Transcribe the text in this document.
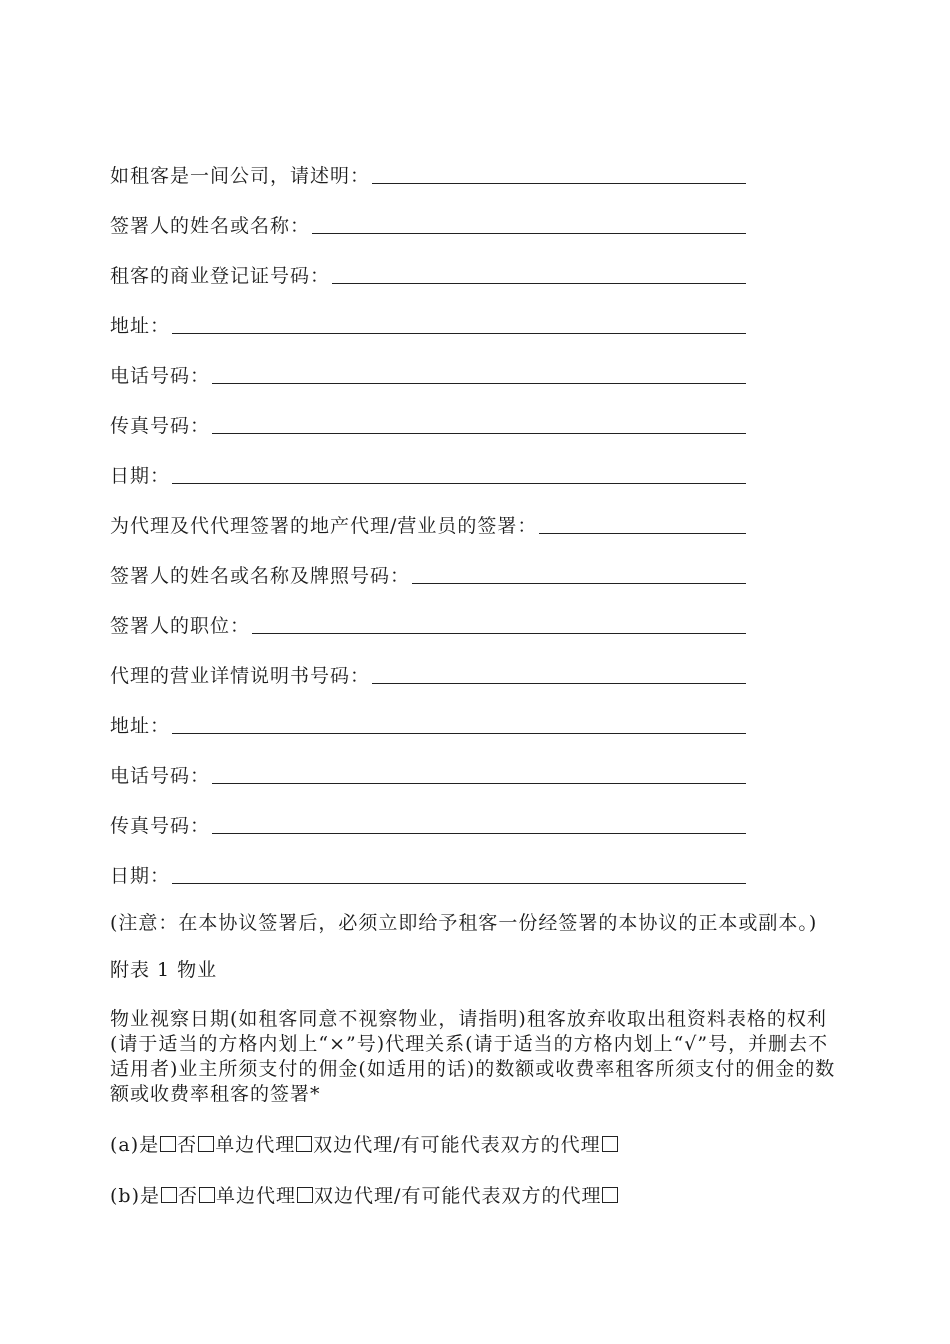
如租客是一间公司，请述明：
签署人的姓名或名称：
租客的商业登记证号码：
地址：
电话号码：
传真号码：
日期：
为代理及代代理签署的地产代理/营业员的签署：
签署人的姓名或名称及牌照号码：
签署人的职位：
代理的营业详情说明书号码：
地址：
电话号码：
传真号码：
日期：

(注意：在本协议签署后，必须立即给予租客一份经签署的本协议的正本或副本。)

附表 1 物业

物业视察日期(如租客同意不视察物业，请指明)租客放弃收取出租资料表格的权利(请于适当的方格内划上“×”号)代理关系(请于适当的方格内划上“√”号，并删去不适用者)业主所须支付的佣金(如适用的话)的数额或收费率租客所须支付的佣金的数额或收费率租客的签署*

(a)是 否 单边代理 双边代理/有可能代表双方的代理
(b)是 否 单边代理 双边代理/有可能代表双方的代理
